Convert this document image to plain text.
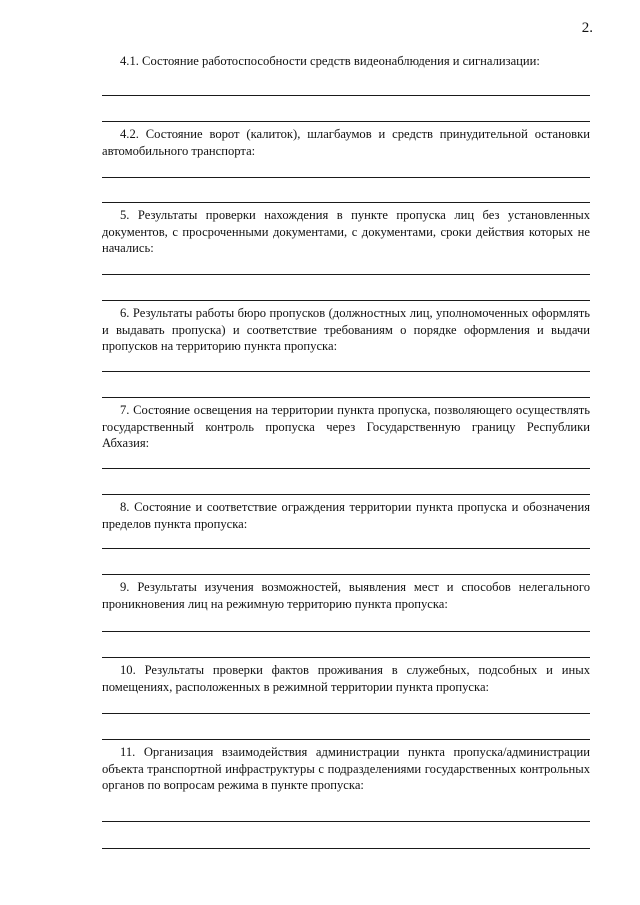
2.

4.1. Состояние работоспособности средств видеонаблюдения и сигнализации:

4.2. Состояние ворот (калиток), шлагбаумов и средств принудительной остановки автомобильного транспорта:

5. Результаты проверки нахождения в пункте пропуска лиц без установленных документов, с просроченными документами, с документами, сроки действия которых не начались:

6. Результаты работы бюро пропусков (должностных лиц, уполномоченных оформлять и выдавать пропуска) и соответствие требованиям о порядке оформления и выдачи пропусков на территорию пункта пропуска:

7. Состояние освещения на территории пункта пропуска, позволяющего осуществлять государственный контроль пропуска через Государственную границу Республики Абхазия:

8. Состояние и соответствие ограждения территории пункта пропуска и обозначения пределов пункта пропуска:

9. Результаты изучения возможностей, выявления мест и способов нелегального проникновения лиц на режимную территорию пункта пропуска:

10. Результаты проверки фактов проживания в служебных, подсобных и иных помещениях, расположенных в режимной территории пункта пропуска:

11. Организация взаимодействия администрации пункта пропуска/администрации объекта транспортной инфраструктуры с подразделениями государственных контрольных органов по вопросам режима в пункте пропуска:
